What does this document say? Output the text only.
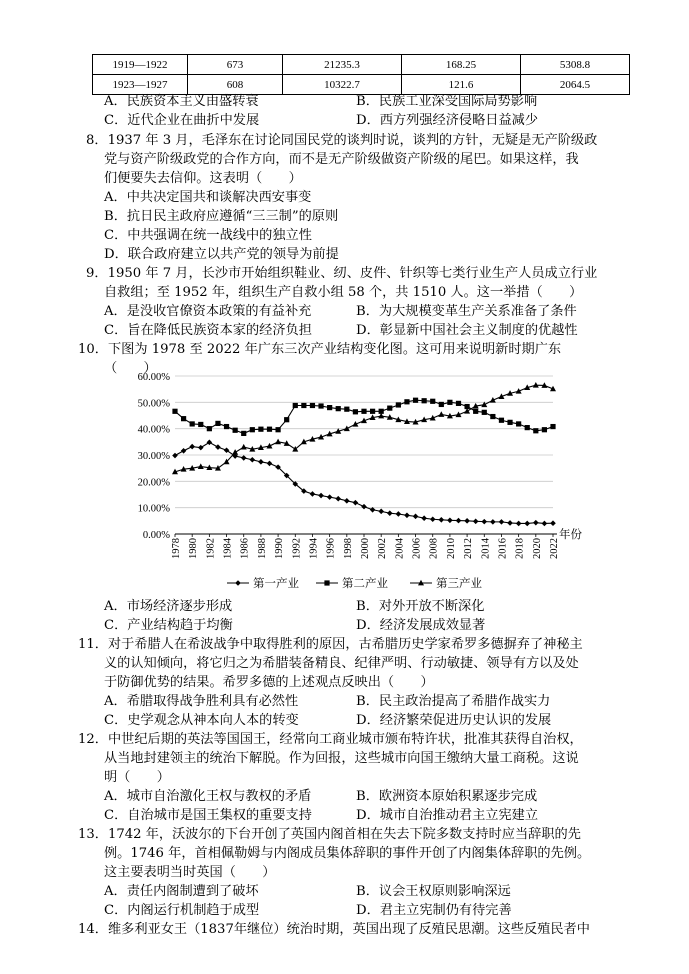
1919—1922	673	21235.3	168.25	5308.8
1923—1927	608	10322.7	121.6	2064.5
A．民族资本主义由盛转衰	B．民族工业深受国际局势影响
C．近代企业在曲折中发展	D．西方列强经济侵略日益减少
8．1937 年 3 月，毛泽东在讨论同国民党的谈判时说，谈判的方针，无疑是无产阶级政
党与资产阶级政党的合作方向，而不是无产阶级做资产阶级的尾巴。如果这样，我
们便要失去信仰。这表明（　　）
A．中共决定国共和谈解决西安事变
B．抗日民主政府应遵循“三三制”的原则
C．中共强调在统一战线中的独立性
D．联合政府建立以共产党的领导为前提
9．1950 年 7 月，长沙市开始组织鞋业、纫、皮件、针织等七类行业生产人员成立行业
自救组；至 1952 年，组织生产自救小组 58 个，共 1510 人。这一举措（　　）
A．是没收官僚资本政策的有益补充	B．为大规模变革生产关系准备了条件
C．旨在降低民族资本家的经济负担	D．彰显新中国社会主义制度的优越性
10．下图为 1978 至 2022 年广东三次产业结构变化图。这可用来说明新时期广东
（　　）
0.00%
10.00%
20.00%
30.00%
40.00%
50.00%
60.00%
1978 1980 1982 1984 1986 1988 1990 1992 1994 1996 1998 2000 2002 2004 2006 2008 2010 2012 2014 2016 2018 2020 2022
年份
第一产业	第二产业	第三产业
A．市场经济逐步形成	B．对外开放不断深化
C．产业结构趋于均衡	D．经济发展成效显著
11．对于希腊人在希波战争中取得胜利的原因，古希腊历史学家希罗多德摒弃了神秘主
义的认知倾向，将它归之为希腊装备精良、纪律严明、行动敏捷、领导有方以及处
于防御优势的结果。希罗多德的上述观点反映出（　　）
A．希腊取得战争胜利具有必然性	B．民主政治提高了希腊作战实力
C．史学观念从神本向人本的转变	D．经济繁荣促进历史认识的发展
12．中世纪后期的英法等国国王，经常向工商业城市颁布特许状，批准其获得自治权，
从当地封建领主的统治下解脱。作为回报，这些城市向国王缴纳大量工商税。这说
明（　　）
A．城市自治激化王权与教权的矛盾	B．欧洲资本原始积累逐步完成
C．自治城市是国王集权的重要支持	D．城市自治推动君主立宪建立
13．1742 年，沃波尔的下台开创了英国内阁首相在失去下院多数支持时应当辞职的先
例。1746 年，首相佩勒姆与内阁成员集体辞职的事件开创了内阁集体辞职的先例。
这主要表明当时英国（　　）
A．责任内阁制遭到了破坏	B．议会王权原则影响深远
C．内阁运行机制趋于成型	D．君主立宪制仍有待完善
14．维多利亚女王（1837年继位）统治时期，英国出现了反殖民思潮。这些反殖民者中
